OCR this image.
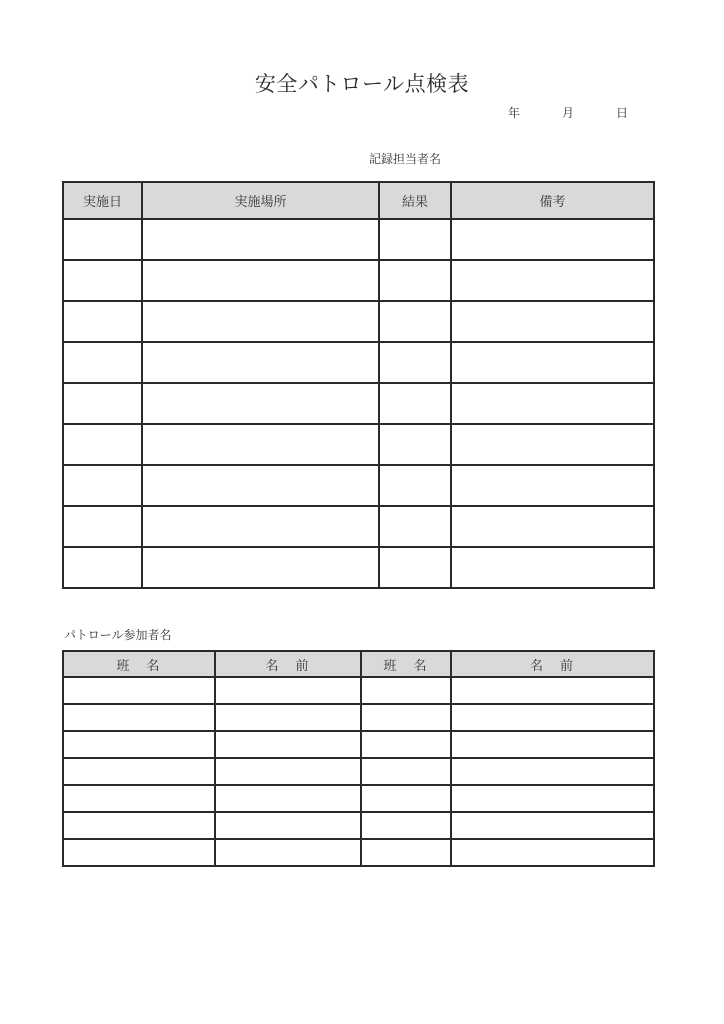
安全パトロール点検表
年	月	日
記録担当者名
実施日	実施場所	結果	備考

パトロール参加者名
班　名	名　前	班　名	名　前
